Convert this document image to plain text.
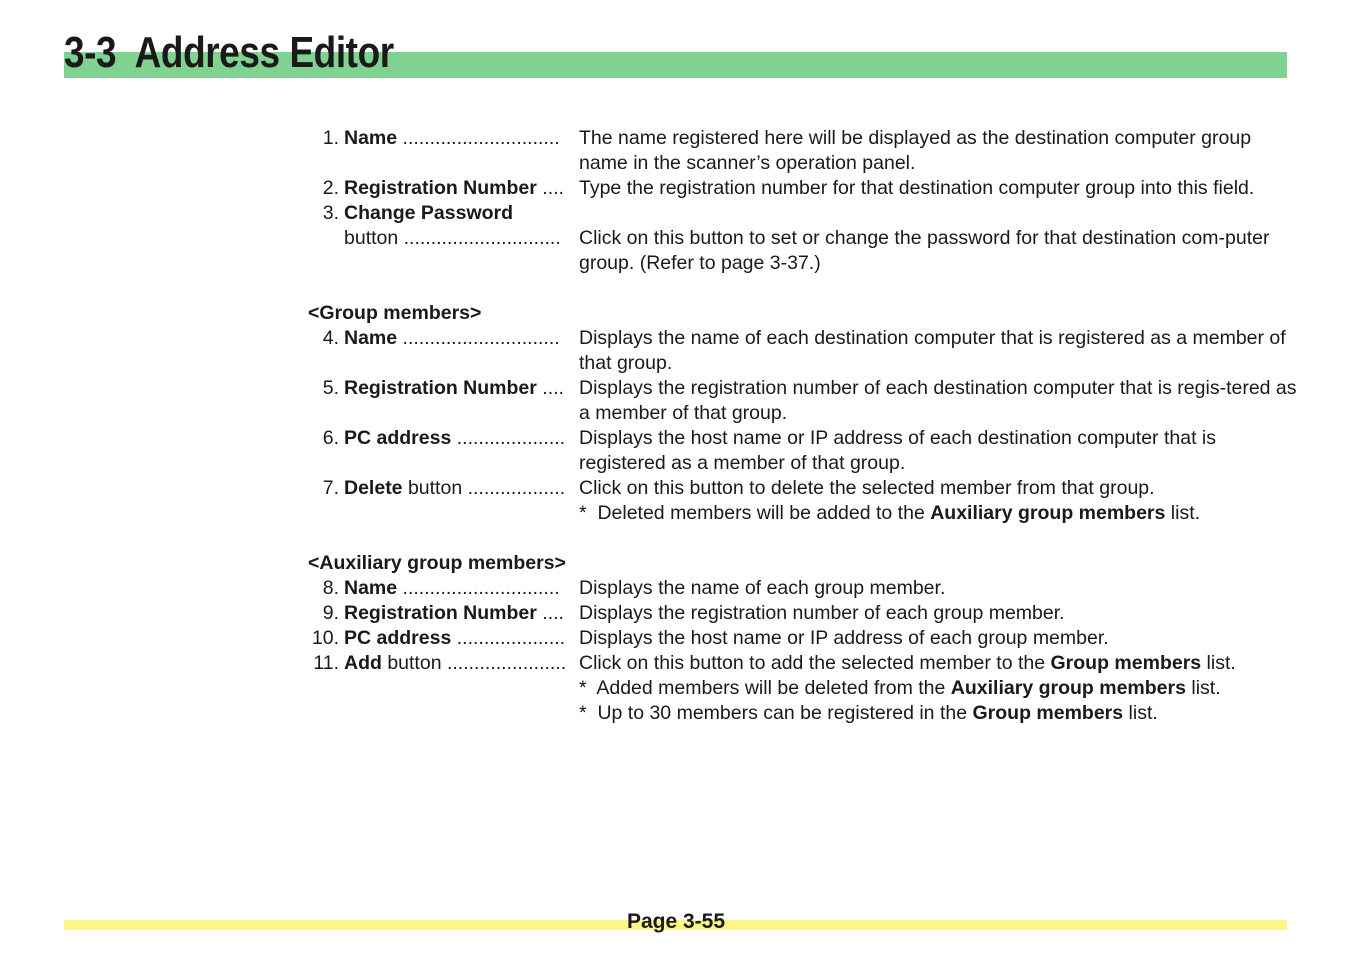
3-3 Address Editor
1. Name ............................. The name registered here will be displayed as the destination computer group name in the scanner’s operation panel.
2. Registration Number .... Type the registration number for that destination computer group into this field.
3. Change Password

button ............................. Click on this button to set or change the password for that destination com-puter group. (Refer to page 3-37.)
<Group members>
4. Name ............................. Displays the name of each destination computer that is registered as a member of that group.
5. Registration Number .... Displays the registration number of each destination computer that is regis-tered as a member of that group.
6. PC address .................... Displays the host name or IP address of each destination computer that is registered as a member of that group.
7. Delete button .................. Click on this button to delete the selected member from that group.
* Deleted members will be added to the Auxiliary group members list.
<Auxiliary group members>
8. Name ............................. Displays the name of each group member.
9. Registration Number .... Displays the registration number of each group member.
10. PC address .................... Displays the host name or IP address of each group member.
11. Add button ...................... Click on this button to add the selected member to the Group members list.
* Added members will be deleted from the Auxiliary group members list.
* Up to 30 members can be registered in the Group members list.
Page 3-55
